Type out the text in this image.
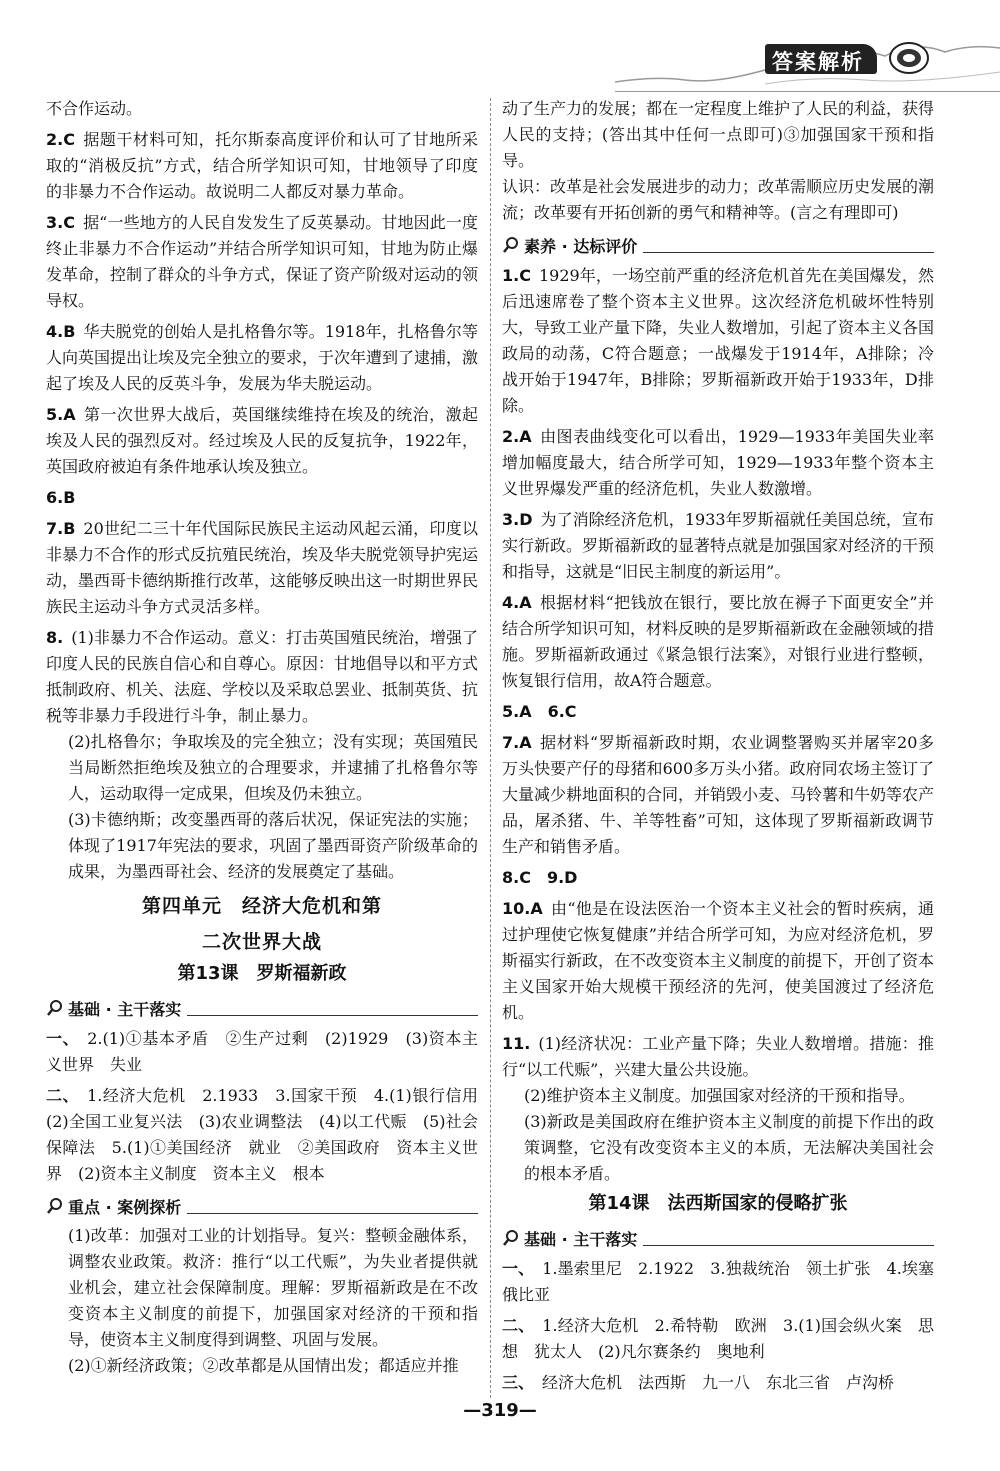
答案解析

不合作运动。

2.C  据题干材料可知，托尔斯泰高度评价和认可了甘地所采取的“消极反抗”方式，结合所学知识可知，甘地领导了印度的非暴力不合作运动。故说明二人都反对暴力革命。

3.C  据“一些地方的人民自发发生了反英暴动。甘地因此一度终止非暴力不合作运动”并结合所学知识可知，甘地为防止爆发革命，控制了群众的斗争方式，保证了资产阶级对运动的领导权。

4.B  华夫脱党的创始人是扎格鲁尔等。1918年，扎格鲁尔等人向英国提出让埃及完全独立的要求，于次年遭到了逮捕，激起了埃及人民的反英斗争，发展为华夫脱运动。

5.A  第一次世界大战后，英国继续维持在埃及的统治，激起埃及人民的强烈反对。经过埃及人民的反复抗争，1922年，英国政府被迫有条件地承认埃及独立。

6.B 

7.B  20世纪二三十年代国际民族民主运动风起云涌，印度以非暴力不合作的形式反抗殖民统治，埃及华夫脱党领导护宪运动，墨西哥卡德纳斯推行改革，这能够反映出这一时期世界民族民主运动斗争方式灵活多样。

8.  (1)非暴力不合作运动。意义：打击英国殖民统治，增强了印度人民的民族自信心和自尊心。原因：甘地倡导以和平方式抵制政府、机关、法庭、学校以及采取总罢业、抵制英货、抗税等非暴力手段进行斗争，制止暴力。

(2)扎格鲁尔；争取埃及的完全独立；没有实现；英国殖民当局断然拒绝埃及独立的合理要求，并逮捕了扎格鲁尔等人，运动取得一定成果，但埃及仍未独立。

(3)卡德纳斯；改变墨西哥的落后状况，保证宪法的实施；体现了1917年宪法的要求，巩固了墨西哥资产阶级革命的成果，为墨西哥社会、经济的发展奠定了基础。

第四单元　经济大危机和第
二次世界大战
第13课　罗斯福新政
基础 · 主干落实

一、  2.(1)①基本矛盾　②生产过剩　(2)1929　(3)资本主义世界　失业

二、  1.经济大危机　2.1933　3.国家干预　4.(1)银行信用　(2)全国工业复兴法　(3)农业调整法　(4)以工代赈　(5)社会保障法　5.(1)①美国经济　就业　②美国政府　资本主义世界　(2)资本主义制度　资本主义　根本

重点 · 案例探析

(1)改革：加强对工业的计划指导。复兴：整顿金融体系，调整农业政策。救济：推行“以工代赈”，为失业者提供就业机会，建立社会保障制度。理解：罗斯福新政是在不改变资本主义制度的前提下，加强国家对经济的干预和指导，使资本主义制度得到调整、巩固与发展。

(2)①新经济政策；②改革都是从国情出发；都适应并推

动了生产力的发展；都在一定程度上维护了人民的利益，获得人民的支持；(答出其中任何一点即可)③加强国家干预和指导。

认识：改革是社会发展进步的动力；改革需顺应历史发展的潮流；改革要有开拓创新的勇气和精神等。(言之有理即可)

素养 · 达标评价

1.C  1929年，一场空前严重的经济危机首先在美国爆发，然后迅速席卷了整个资本主义世界。这次经济危机破坏性特别大，导致工业产量下降，失业人数增加，引起了资本主义各国政局的动荡，C符合题意；一战爆发于1914年，A排除；冷战开始于1947年，B排除；罗斯福新政开始于1933年，D排除。

2.A  由图表曲线变化可以看出，1929—1933年美国失业率增加幅度最大，结合所学可知，1929—1933年整个资本主义世界爆发严重的经济危机，失业人数激增。

3.D  为了消除经济危机，1933年罗斯福就任美国总统，宣布实行新政。罗斯福新政的显著特点就是加强国家对经济的干预和指导，这就是“旧民主制度的新运用”。

4.A  根据材料“把钱放在银行，要比放在褥子下面更安全”并结合所学知识可知，材料反映的是罗斯福新政在金融领域的措施。罗斯福新政通过《紧急银行法案》，对银行业进行整顿，恢复银行信用，故A符合题意。

5.A　6.C 

7.A  据材料“罗斯福新政时期，农业调整署购买并屠宰20多万头快要产仔的母猪和600多万头小猪。政府同农场主签订了大量减少耕地面积的合同，并销毁小麦、马铃薯和牛奶等农产品，屠杀猪、牛、羊等牲畜”可知，这体现了罗斯福新政调节生产和销售矛盾。

8.C　9.D 

10.A  由“他是在设法医治一个资本主义社会的暂时疾病，通过护理使它恢复健康”并结合所学可知，为应对经济危机，罗斯福实行新政，在不改变资本主义制度的前提下，开创了资本主义国家开始大规模干预经济的先河，使美国渡过了经济危机。

11.  (1)经济状况：工业产量下降；失业人数增增。措施：推行“以工代赈”，兴建大量公共设施。

(2)维护资本主义制度。加强国家对经济的干预和指导。

(3)新政是美国政府在维护资本主义制度的前提下作出的政策调整，它没有改变资本主义的本质，无法解决美国社会的根本矛盾。

第14课　法西斯国家的侵略扩张
基础 · 主干落实

一、  1.墨索里尼　2.1922　3.独裁统治　领土扩张　4.埃塞俄比亚

二、  1.经济大危机　2.希特勒　欧洲　3.(1)国会纵火案　思想　犹太人　(2)凡尔赛条约　奥地利

三、  经济大危机　法西斯　九一八　东北三省　卢沟桥

—319—
